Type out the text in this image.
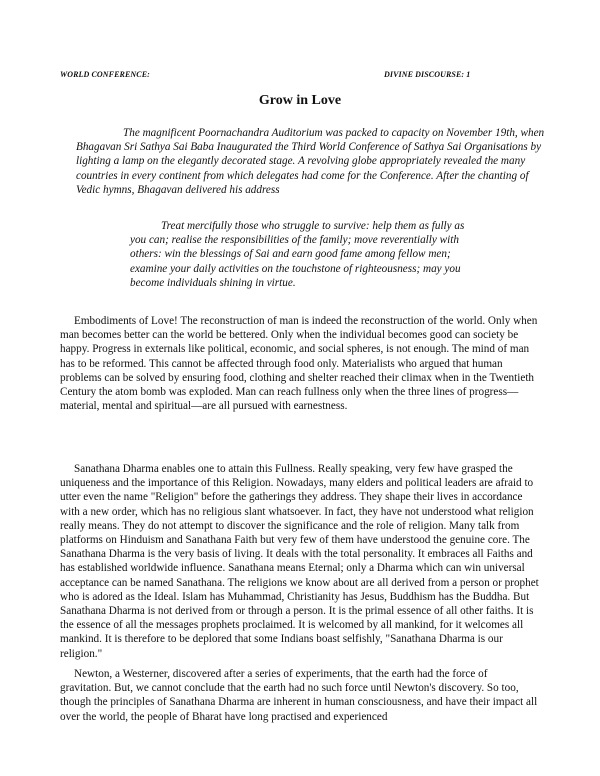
WORLD CONFERENCE:	DIVINE DISCOURSE: 1
Grow in Love

The magnificent Poornachandra Auditorium was packed to capacity on November 19th, when Bhagavan Sri Sathya Sai Baba Inaugurated the Third World Conference of Sathya Sai Organisations by lighting a lamp on the elegantly decorated stage. A revolving globe appropriately revealed the many countries in every continent from which delegates had come for the Conference. After the chanting of Vedic hymns, Bhagavan delivered his address

Treat mercifully those who struggle to survive: help them as fully as you can; realise the responsibilities of the family; move reverentially with others: win the blessings of Sai and earn good fame among fellow men; examine your daily activities on the touchstone of righteousness; may you become individuals shining in virtue.

Embodiments of Love! The reconstruction of man is indeed the reconstruction of the world. Only when man becomes better can the world be bettered. Only when the individual becomes good can society be happy. Progress in externals like political, economic, and social spheres, is not enough. The mind of man has to be reformed. This cannot be affected through food only. Materialists who argued that human problems can be solved by ensuring food, clothing and shelter reached their climax when in the Twentieth Century the atom bomb was exploded. Man can reach fullness only when the three lines of progress—material, mental and spiritual—are all pursued with earnestness.

Sanathana Dharma enables one to attain this Fullness. Really speaking, very few have grasped the uniqueness and the importance of this Religion. Nowadays, many elders and political leaders are afraid to utter even the name "Religion" before the gatherings they address. They shape their lives in accordance with a new order, which has no religious slant whatsoever. In fact, they have not understood what religion really means. They do not attempt to discover the significance and the role of religion. Many talk from platforms on Hinduism and Sanathana Faith but very few of them have understood the genuine core. The Sanathana Dharma is the very basis of living. It deals with the total personality. It embraces all Faiths and has established worldwide influence. Sanathana means Eternal; only a Dharma which can win universal acceptance can be named Sanathana. The religions we know about are all derived from a person or prophet who is adored as the Ideal. Islam has Muhammad, Christianity has Jesus, Buddhism has the Buddha. But Sanathana Dharma is not derived from or through a person. It is the primal essence of all other faiths. It is the essence of all the messages prophets proclaimed. It is welcomed by all mankind, for it welcomes all mankind. It is therefore to be deplored that some Indians boast selfishly, "Sanathana Dharma is our religion."

Newton, a Westerner, discovered after a series of experiments, that the earth had the force of gravitation. But, we cannot conclude that the earth had no such force until Newton's discovery. So too, though the principles of Sanathana Dharma are inherent in human consciousness, and have their impact all over the world, the people of Bharat have long practised and experienced
